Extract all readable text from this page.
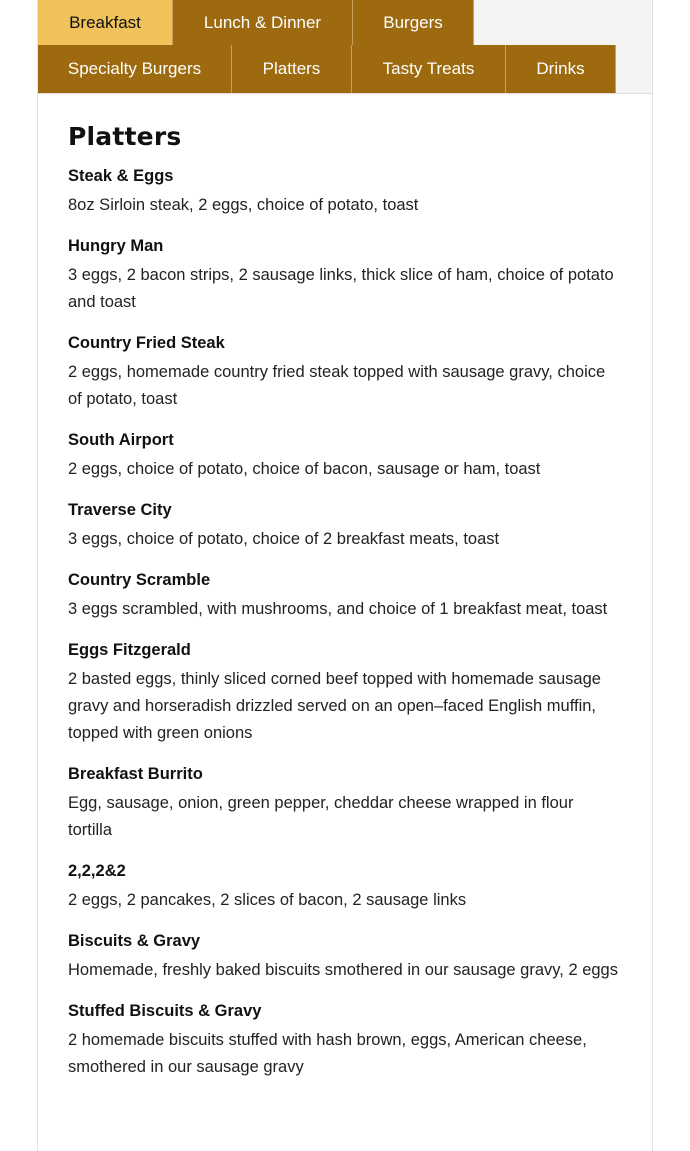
Breakfast	Lunch & Dinner	Burgers
Specialty Burgers	Platters	Tasty Treats	Drinks
Platters
Steak & Eggs
8oz Sirloin steak, 2 eggs, choice of potato, toast
Hungry Man
3 eggs, 2 bacon strips, 2 sausage links, thick slice of ham, choice of potato and toast
Country Fried Steak
2 eggs, homemade country fried steak topped with sausage gravy, choice of potato, toast
South Airport
2 eggs, choice of potato, choice of bacon, sausage or ham, toast
Traverse City
3 eggs, choice of potato, choice of 2 breakfast meats, toast
Country Scramble
3 eggs scrambled, with mushrooms, and choice of 1 breakfast meat, toast
Eggs Fitzgerald
2 basted eggs, thinly sliced corned beef topped with homemade sausage gravy and horseradish drizzled served on an open–faced English muffin, topped with green onions
Breakfast Burrito
Egg, sausage, onion, green pepper, cheddar cheese wrapped in flour tortilla
2,2,2&2
2 eggs, 2 pancakes, 2 slices of bacon, 2 sausage links
Biscuits & Gravy
Homemade, freshly baked biscuits smothered in our sausage gravy, 2 eggs
Stuffed Biscuits & Gravy
2 homemade biscuits stuffed with hash brown, eggs, American cheese, smothered in our sausage gravy
